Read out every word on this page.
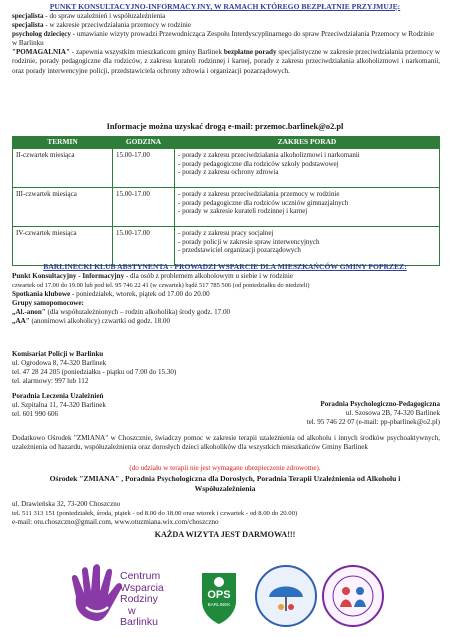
PUNKT KONSULTACYJNO-INFORMACYJNY, W RAMACH KTÓREGO BEZPŁATNIE PRZYJMUJĘ:
specjalista - do spraw uzależnień i współuzależnienia
specjalista - w zakresie przeciwdziałania przemocy w rodzinie
psycholog dziecięcy - umawianie wizyty prowadzi Przewodnicząca Zespołu Interdyscyplinarnego do spraw Przeciwdziałania Przemocy w Rodzinie w Barlinku
"POMAGALNIA" - zapewnia wszystkim mieszkańcom gminy Barlinek bezpłatne porady specjalistyczne w zakresie przeciwdziałania przemocy w rodzinie, porady pedagogiczne dla rodziców, z zakresu kurateli rodzinnej i karnej, porady z zakresu przeciwdziałania alkoholizmowi i narkomanii, oraz porady interwencyjne policji, przedstawiciela ochrony zdrowia i organizacji pozarządowych.
Informacje można uzyskać drogą e-mail: przemoc.barlinek@o2.pl
TERMIN	GODZINA	ZAKRES PORAD
II-czwartek miesiąca	15.00-17.00	- porady z zakresu przeciwdziałania alkoholizmowi i narkomanii
- porady pedagogiczne dla rodziców szkoły podstawowej
- porady z zakresu ochrony zdrowia

III-czwartek miesiąca	15.00-17.00	- porady z zakresu przeciwdziałania przemocy w rodzinie
- porady pedagogiczne dla rodziców uczniów gimnazjalnych
- porady w zakresie kurateli rodzinnej i karnej

IV-czwartek miesiąca	15.00-17.00	- porady z zakresu pracy socjalnej
- porady policji w zakresie spraw interwencyjnych
- przedstawiciel organizacji pozarządowych
BARLINECKI KLUB ABSTYNENTA - PROWADZI WSPARCIE DLA MIESZKAŃCÓW GMINY POPRZEZ:
Punkt Konsultacyjny - Informacyjny - dla osób z problemem alkoholowym u siebie i w rodzinie
czwartek od 17.00 do 19.00 lub pod tel. 95 746 22 41 (w czwartek) bądź 517 785 506 (od poniedziałku do niedzieli)
Spotkania klubowe - poniedziałek, wtorek, piątek od 17.00 do 20.00
Grupy samopomocowe:
„Al.-anon" (dla współuzależnionych – rodzin alkoholika) środy godz. 17.00
„AA" (anonimowi alkoholicy) czwartki od godz. 18.00
Komisariat Policji w Barlinku
ul. Ogrodowa 8, 74-320 Barlinek
tel. 47 28 24 205 (poniedziałku - piątku od 7.00 do 15.30)
tel. alarmowy: 997 lub 112
Poradnia Leczenia Uzależnień
ul. Szpitalna 11, 74-320 Barlinek
tel. 601 990 606
Poradnia Psychologiczno-Pedagogiczna
ul. Szosowa 2B, 74-320 Barlinek
tel. 95 746 22 07 (e-mail: pp-pbarlinek@o2.pl)
Dodatkowo Ośrodek "ZMIANA" w Choszcznie, świadczy pomoc w zakresie terapii uzależnienia od alkoholu i innych środków psychoaktywnych, uzależnienia od hazardu, współuzależnienia oraz dorosłych dzieci alkoholików dla wszystkich mieszkańców Gminy Barlinek
(do udziału w terapii nie jest wymagane ubezpieczenie zdrowotne).
Ośrodek "ZMIANA" , Poradnia Psychologiczna dla Dorosłych, Poradnia Terapii Uzależnienia od Alkoholu i Współuzależnienia
ul. Drawieńska 32, 73-200 Choszczno
tel. 511 313 151 (poniedziałek, środa, piątek - od 8.00 do 18.00 oraz wtorek i czwartek - od 8.00 do 20.00)
e-mail: otu.choszczno@gmail.com, www.otuzmiana.wix.com/choszczno
KAŻDA WIZYTA JEST DARMOWA!!!
Centrum
Wsparcia
Rodziny
w
Barlinku
OPS
BARLINEK
